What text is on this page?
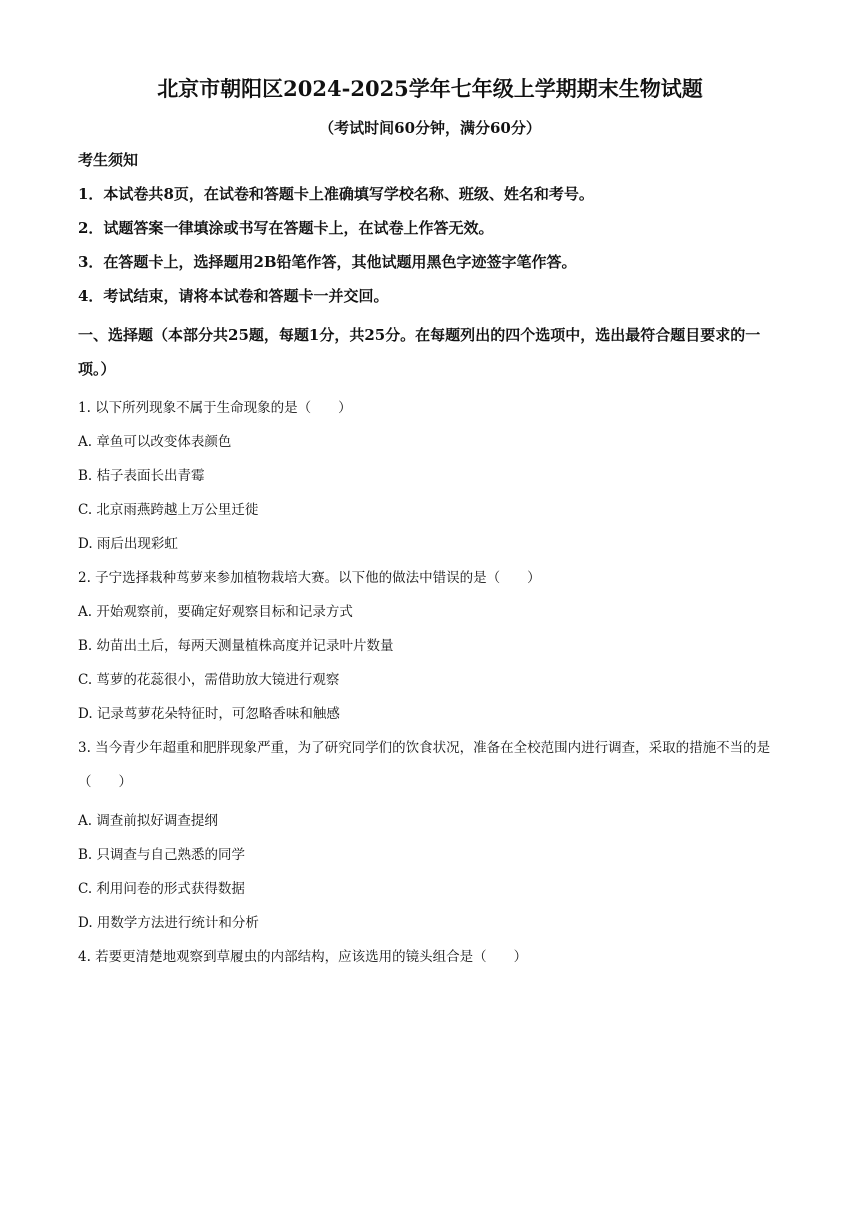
北京市朝阳区2024-2025学年七年级上学期期末生物试题
（考试时间60分钟，满分60分）
考生须知
1．本试卷共8页，在试卷和答题卡上准确填写学校名称、班级、姓名和考号。
2．试题答案一律填涂或书写在答题卡上，在试卷上作答无效。
3．在答题卡上，选择题用2B铅笔作答，其他试题用黑色字迹签字笔作答。
4．考试结束，请将本试卷和答题卡一并交回。
一、选择题（本部分共25题，每题1分，共25分。在每题列出的四个选项中，选出最符合题目要求的一项。）
1. 以下所列现象不属于生命现象的是（　　）
A. 章鱼可以改变体表颜色
B. 桔子表面长出青霉
C. 北京雨燕跨越上万公里迁徙
D. 雨后出现彩虹
2. 子宁选择栽种茑萝来参加植物栽培大赛。以下他的做法中错误的是（　　）
A. 开始观察前，要确定好观察目标和记录方式
B. 幼苗出土后，每两天测量植株高度并记录叶片数量
C. 茑萝的花蕊很小，需借助放大镜进行观察
D. 记录茑萝花朵特征时，可忽略香味和触感
3. 当今青少年超重和肥胖现象严重，为了研究同学们的饮食状况，准备在全校范围内进行调查，采取的措施不当的是（　　）
A. 调查前拟好调查提纲
B. 只调查与自己熟悉的同学
C. 利用问卷的形式获得数据
D. 用数学方法进行统计和分析
4. 若要更清楚地观察到草履虫的内部结构，应该选用的镜头组合是（　　）
